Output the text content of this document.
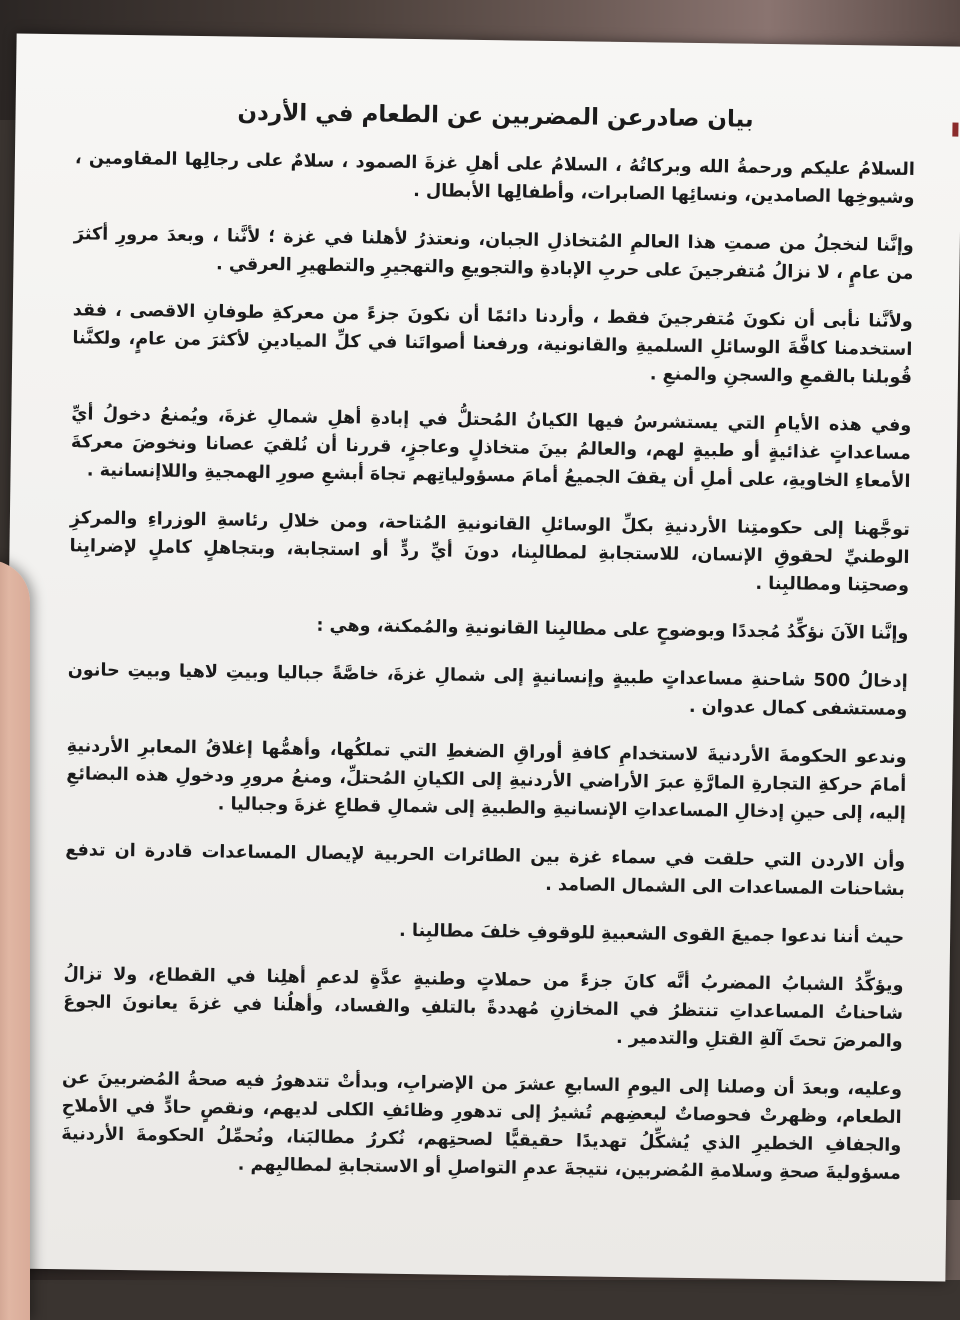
بيان صادرعن المضربين عن الطعام في الأردن

السلامُ عليكم ورحمةُ الله وبركاتُهُ ، السلامُ على أهلِ غزةَ الصمود ، سلامٌ على رجالِها المقاومين ، وشيوخِها الصامدين، ونسائِها الصابرات، وأطفالِها الأبطال .

وإنَّنا لنخجلُ من صمتِ هذا العالمِ المُتخاذلِ الجبان، ونعتذرُ لأهلنا في غزة ؛ لأنَّنا ، وبعدَ مرورِ أكثرَ من عامٍ ، لا نزالُ مُتفرجينَ على حربِ الإبادةِ والتجويعِ والتهجيرِ والتطهيرِ العرقي .

ولأنَّنا نأبى أن نكونَ مُتفرجينَ فقط ، وأردنا دائمًا أن نكونَ جزءً من معركةِ طوفانِ الاقصى ، فقد استخدمنا كافَّةَ الوسائلِ السلميةِ والقانونية، ورفعنا أصواتَنا في كلِّ الميادينِ لأكثرَ من عامٍ، ولكنَّنا قُوبلنا بالقمعِ والسجنِ والمنعِ .

وفي هذه الأيامِ التي يستشرسُ فيها الكيانُ المُحتلُّ في إبادةِ أهلِ شمالِ غزةَ، ويُمنعُ دخولُ أيِّ مساعداتٍ غذائيةٍ أو طبيةٍ لهم، والعالمُ بينَ متخاذلٍ وعاجزٍ، قررنا أن نُلقيَ عصانا ونخوضَ معركةَ الأمعاءِ الخاويةِ، على أملِ أن يقفَ الجميعُ أمامَ مسؤولياتِهم تجاهَ أبشعِ صورِ الهمجيةِ واللاإنسانية .

توجَّهنا إلى حكومتِنا الأردنيةِ بكلِّ الوسائلِ القانونيةِ المُتاحة، ومن خلالِ رئاسةِ الوزراءِ والمركزِ الوطنيِّ لحقوقِ الإنسان، للاستجابةِ لمطالبِنا، دونَ أيِّ ردٍّ أو استجابة، وبتجاهلٍ كاملٍ لإضرابِنا وصحتِنا ومطالبِنا .

وإنَّنا الآنَ نؤكِّدُ مُجددًا وبوضوحٍ على مطالبِنا القانونيةِ والمُمكنة، وهي :

إدخالُ 500 شاحنةِ مساعداتٍ طبيةٍ وإنسانيةٍ إلى شمالِ غزةَ، خاصَّةً جباليا وبيتِ لاهيا وبيتِ حانون ومستشفى كمال عدوان .

وندعو الحكومةَ الأردنيةَ لاستخدامِ كافةِ أوراقِ الضغطِ التي تملكُها، وأهمُّها إغلاقُ المعابرِ الأردنيةِ أمامَ حركةِ التجارةِ المارَّةِ عبرَ الأراضي الأردنيةِ إلى الكيانِ المُحتلِّ، ومنعُ مرورِ ودخولِ هذه البضائعِ إليه، إلى حينِ إدخالِ المساعداتِ الإنسانيةِ والطبيةِ إلى شمالِ قطاعِ غزةَ وجباليا .

وأن الاردن التي حلقت في سماء غزة بين الطائرات الحربية لإيصال المساعدات قادرة ان تدفع بشاحنات المساعدات الى الشمال الصامد .

حيث أننا ندعوا جميعَ القوى الشعبيةِ للوقوفِ خلفَ مطالبِنا .

ويؤكِّدُ الشبابُ المضربُ أنَّه كانَ جزءً من حملاتٍ وطنيةٍ عدَّةٍ لدعمِ أهلِنا في القطاع، ولا تزالُ شاحناتُ المساعداتِ تنتظرُ في المخازنِ مُهددةً بالتلفِ والفساد، وأهلُنا في غزةَ يعانونَ الجوعَ والمرضَ تحتَ آلةِ القتلِ والتدمير .

وعليه، وبعدَ أن وصلنا إلى اليومِ السابعِ عشرَ من الإضرابِ، وبدأتْ تتدهورُ فيه صحةُ المُضربينَ عن الطعام، وظهرتْ فحوصاتٌ لبعضِهم تُشيرُ إلى تدهورِ وظائفِ الكلى لديهم، ونقصٍ حادٍّ في الأملاحِ والجفافِ الخطيرِ الذي يُشكِّلُ تهديدًا حقيقيًّا لصحتِهم، نُكررُ مطالبَنا، ونُحمِّلُ الحكومةَ الأردنيةَ مسؤوليةَ صحةِ وسلامةِ المُضربين، نتيجةَ عدمِ التواصلِ أو الاستجابةِ لمطالبِهم .
